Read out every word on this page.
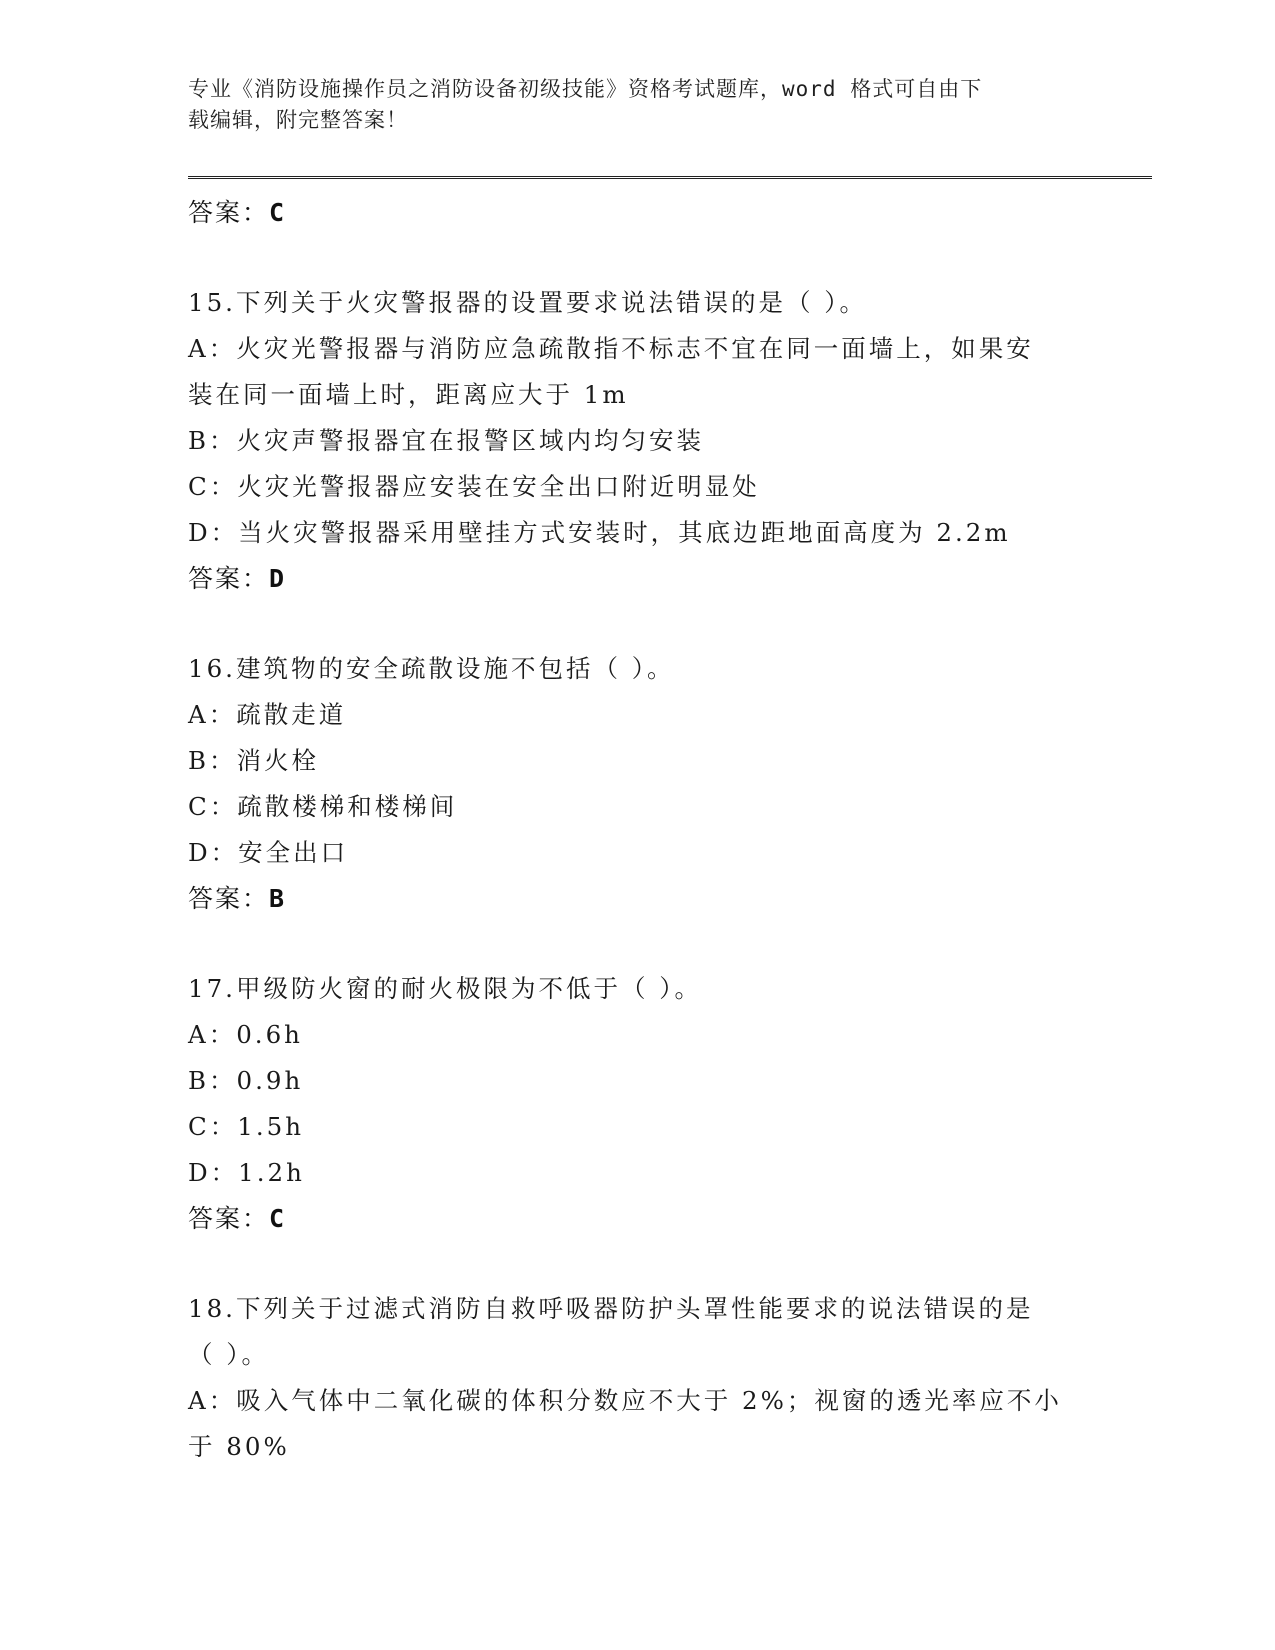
专业《消防设施操作员之消防设备初级技能》资格考试题库，word 格式可自由下
载编辑，附完整答案！
答案：C
15.下列关于火灾警报器的设置要求说法错误的是（ ）。
A：火灾光警报器与消防应急疏散指不标志不宜在同一面墙上，如果安
装在同一面墙上时，距离应大于 1m
B：火灾声警报器宜在报警区域内均匀安装
C：火灾光警报器应安装在安全出口附近明显处
D：当火灾警报器采用壁挂方式安装时，其底边距地面高度为 2.2m
答案：D
16.建筑物的安全疏散设施不包括（ ）。
A：疏散走道
B：消火栓
C：疏散楼梯和楼梯间
D：安全出口
答案：B
17.甲级防火窗的耐火极限为不低于（ ）。
A：0.6h
B：0.9h
C：1.5h
D：1.2h
答案：C
18.下列关于过滤式消防自救呼吸器防护头罩性能要求的说法错误的是
（ ）。
A：吸入气体中二氧化碳的体积分数应不大于 2%；视窗的透光率应不小
于 80%
